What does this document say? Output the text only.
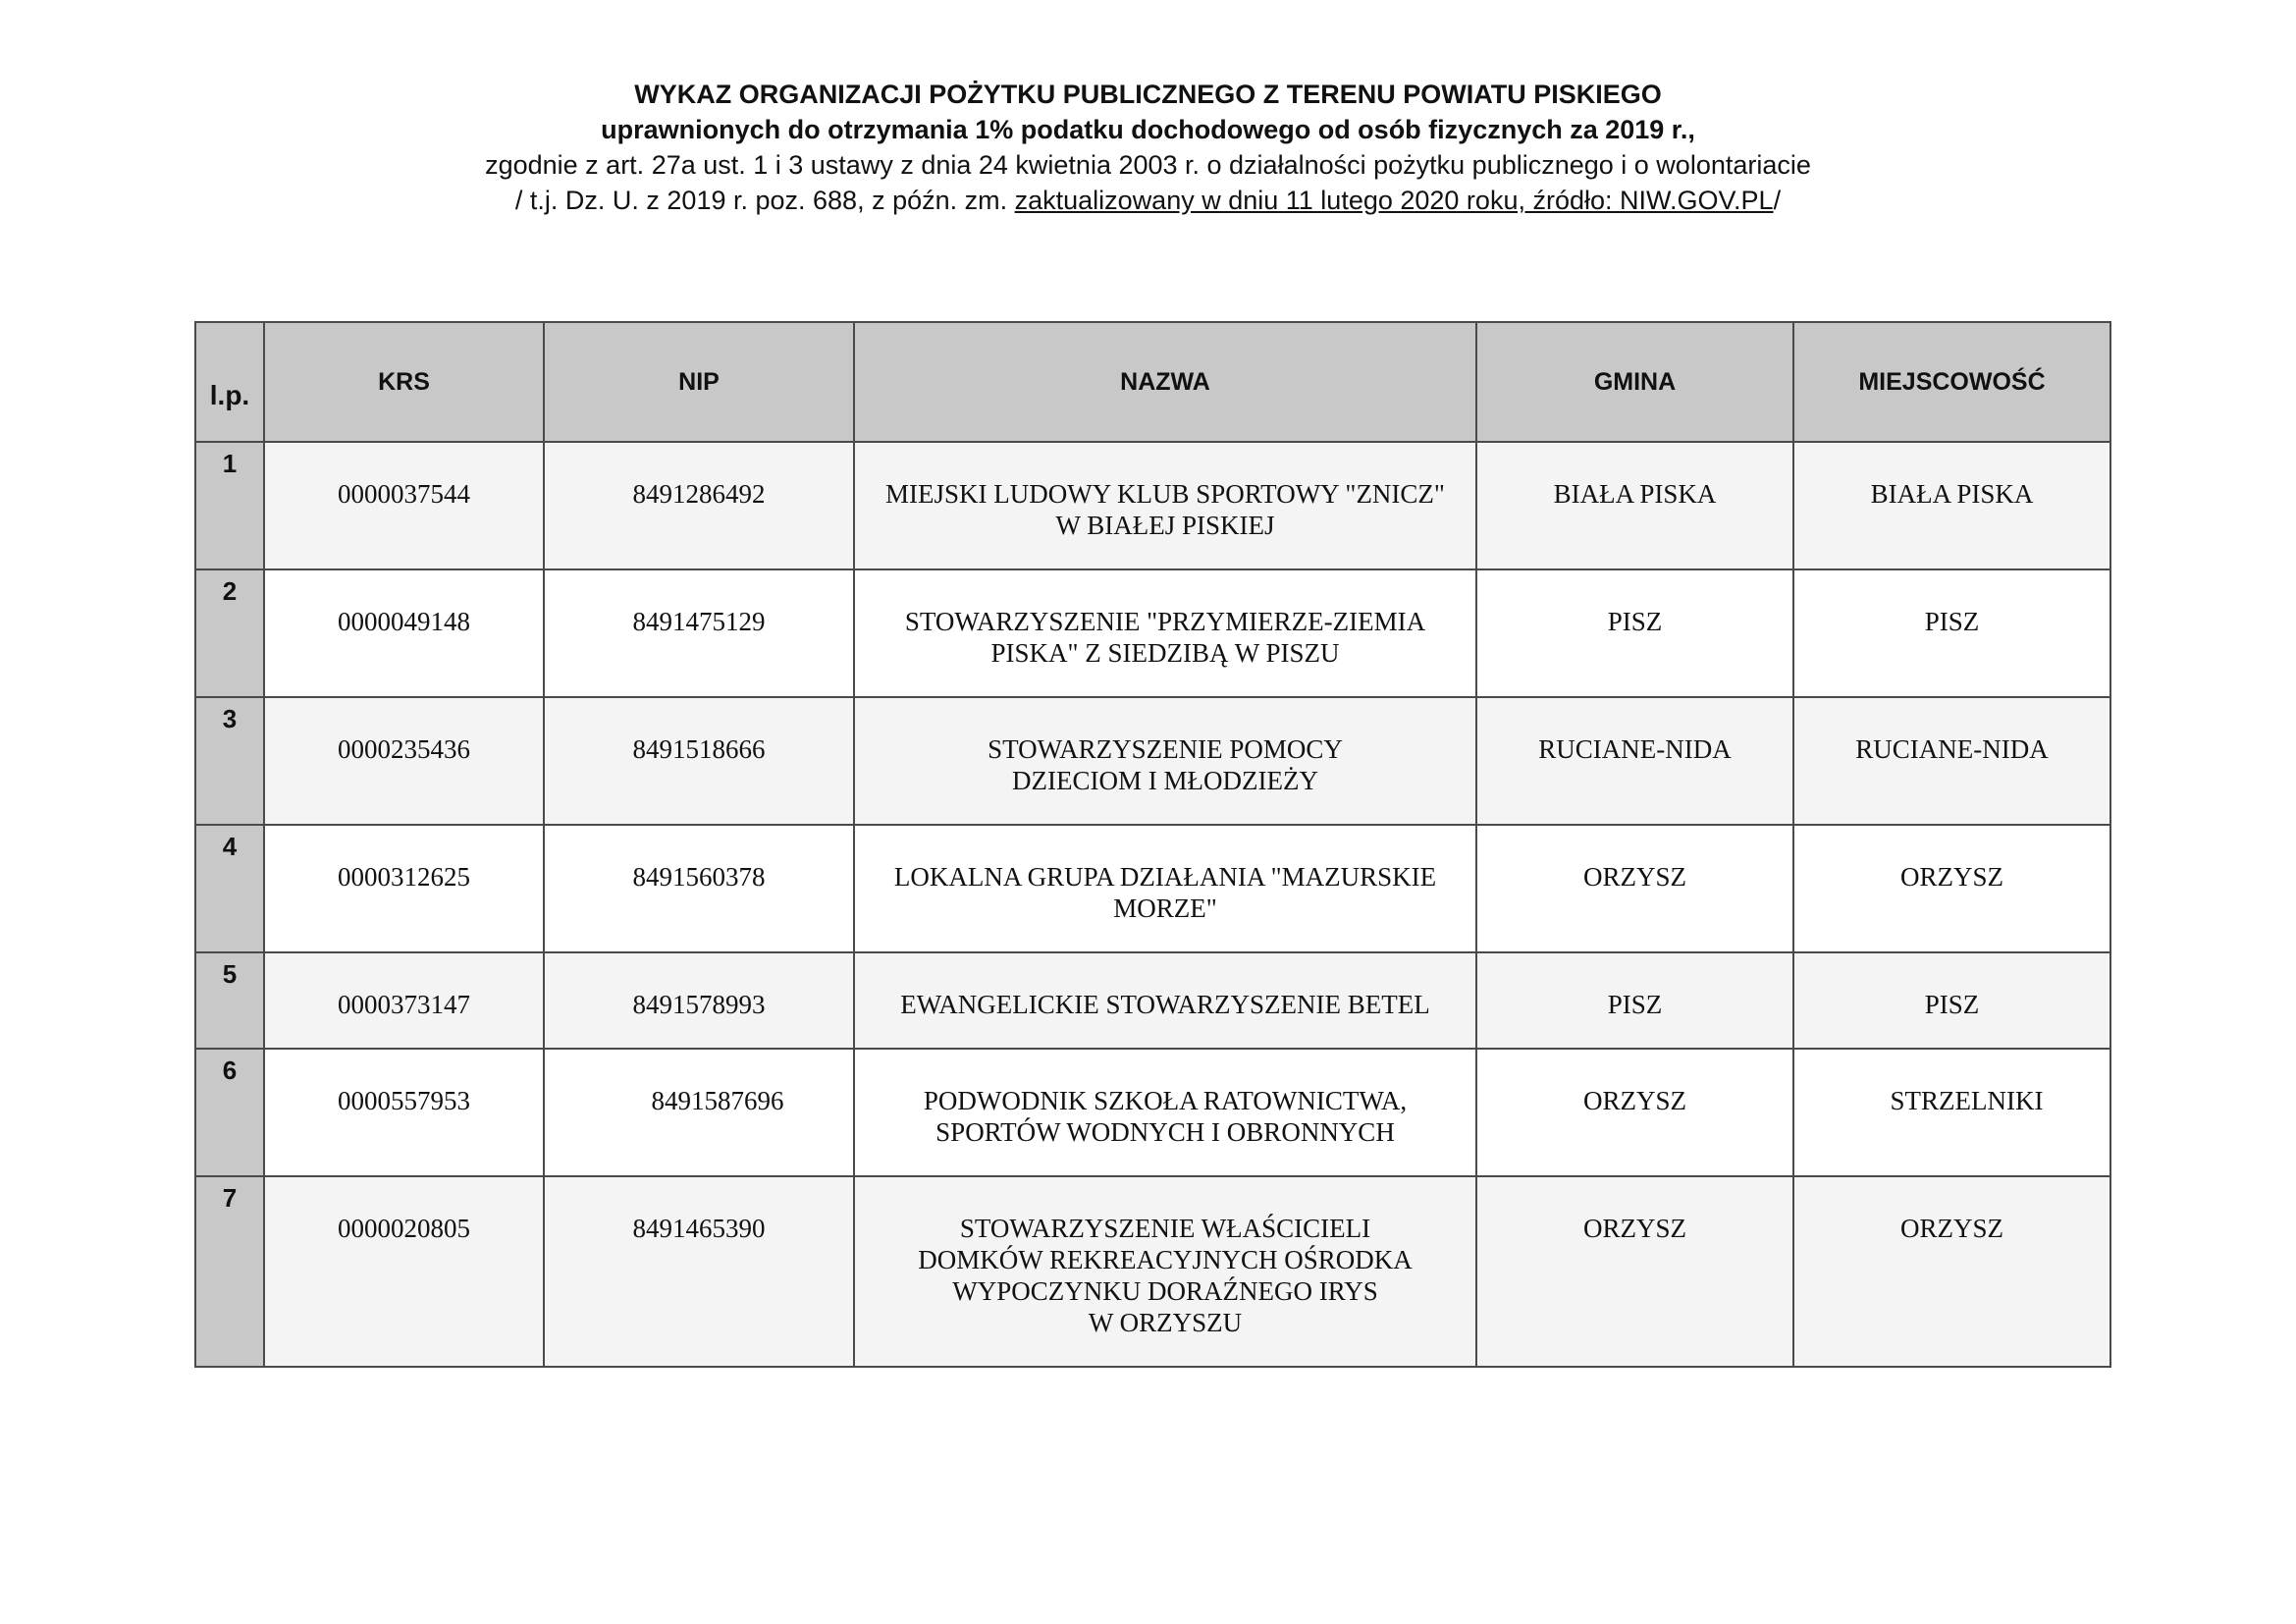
WYKAZ ORGANIZACJI POŻYTKU PUBLICZNEGO Z TERENU POWIATU PISKIEGO
uprawnionych do otrzymania 1% podatku dochodowego od osób fizycznych za 2019 r.,
zgodnie z art. 27a ust. 1 i 3 ustawy z dnia 24 kwietnia 2003 r. o działalności pożytku publicznego i o wolontariacie
/ t.j. Dz. U. z 2019 r. poz. 688, z późn. zm. zaktualizowany w dniu 11 lutego 2020 roku, źródło: NIW.GOV.PL/
l.p.	KRS	NIP	NAZWA	GMINA	MIEJSCOWOŚĆ
1	0000037544	8491286492	MIEJSKI LUDOWY KLUB SPORTOWY "ZNICZ"
W BIAŁEJ PISKIEJ	BIAŁA PISKA	BIAŁA PISKA
2	0000049148	8491475129	STOWARZYSZENIE "PRZYMIERZE-ZIEMIA
PISKA" Z SIEDZIBĄ W PISZU	PISZ	PISZ
3	0000235436	8491518666	STOWARZYSZENIE POMOCY
DZIECIOM I MŁODZIEŻY	RUCIANE-NIDA	RUCIANE-NIDA
4	0000312625	8491560378	LOKALNA GRUPA DZIAŁANIA "MAZURSKIE
MORZE"	ORZYSZ	ORZYSZ
5	0000373147	8491578993	EWANGELICKIE STOWARZYSZENIE BETEL	PISZ	PISZ
6	0000557953	8491587696	PODWODNIK SZKOŁA RATOWNICTWA,
SPORTÓW WODNYCH I OBRONNYCH	ORZYSZ	STRZELNIKI
7	0000020805	8491465390	STOWARZYSZENIE WŁAŚCICIELI
DOMKÓW REKREACYJNYCH OŚRODKA
WYPOCZYNKU DORAŹNEGO IRYS
W ORZYSZU	ORZYSZ	ORZYSZ
